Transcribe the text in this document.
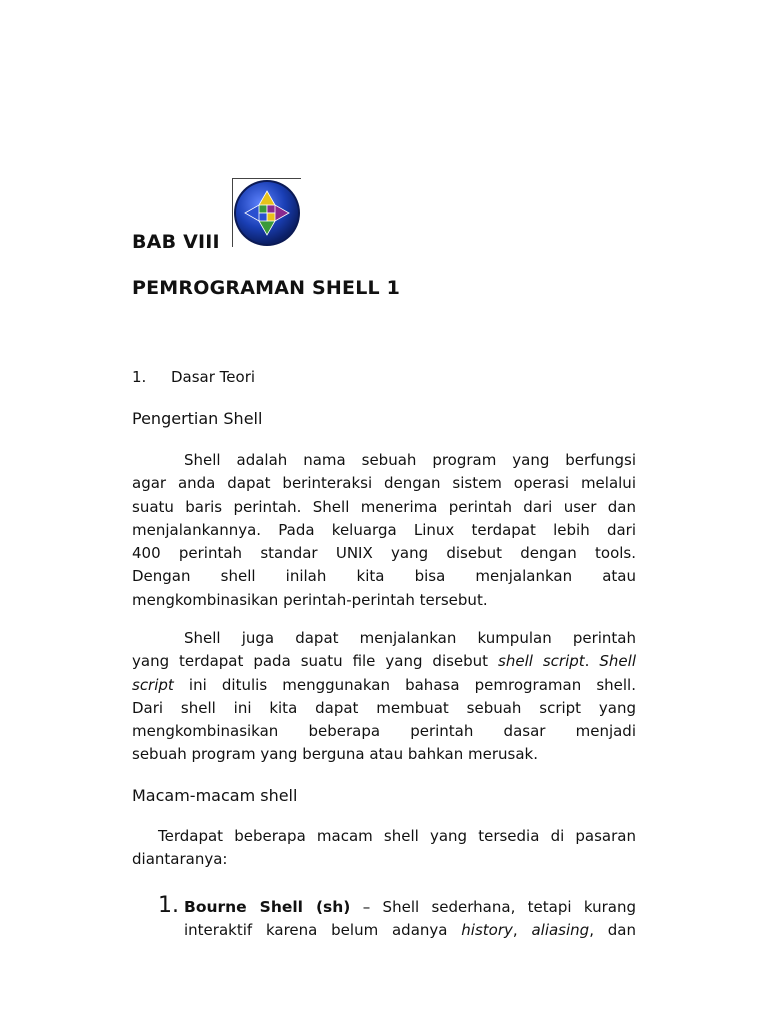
BAB VIII
PEMROGRAMAN SHELL 1
1. Dasar Teori
Pengertian Shell
Shell adalah nama sebuah program yang berfungsi
agar anda dapat berinteraksi dengan sistem operasi melalui
suatu baris perintah. Shell menerima perintah dari user dan
menjalankannya. Pada keluarga Linux terdapat lebih dari
400 perintah standar UNIX yang disebut dengan tools.
Dengan shell inilah kita bisa menjalankan atau
mengkombinasikan perintah-perintah tersebut.
Shell juga dapat menjalankan kumpulan perintah
yang terdapat pada suatu file yang disebut shell script. Shell
script ini ditulis menggunakan bahasa pemrograman shell.
Dari shell ini kita dapat membuat sebuah script yang
mengkombinasikan beberapa perintah dasar menjadi
sebuah program yang berguna atau bahkan merusak.
Macam-macam shell
Terdapat beberapa macam shell yang tersedia di pasaran
diantaranya:
1. Bourne Shell (sh) – Shell sederhana, tetapi kurang
interaktif karena belum adanya history, aliasing, dan
